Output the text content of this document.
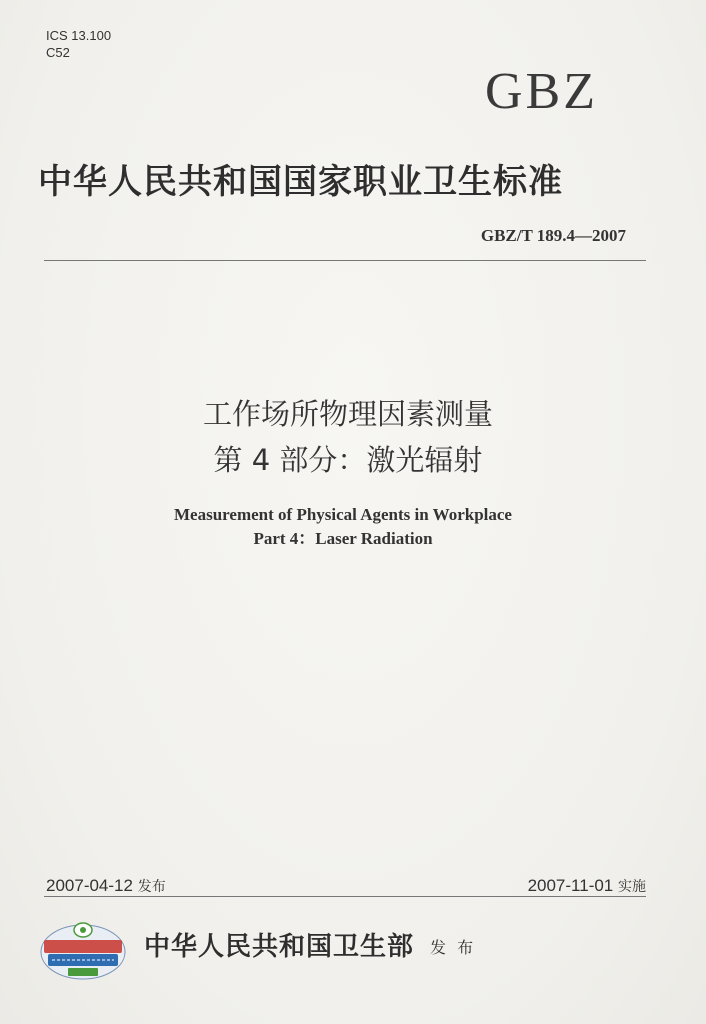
ICS 13.100
C52
GBZ
中华人民共和国国家职业卫生标准
GBZ/T 189.4—2007
工作场所物理因素测量
第 4 部分：激光辐射
Measurement of Physical Agents in Workplace
Part 4：Laser Radiation
2007-04-12 发布	2007-11-01 实施
中华人民共和国卫生部 发 布
